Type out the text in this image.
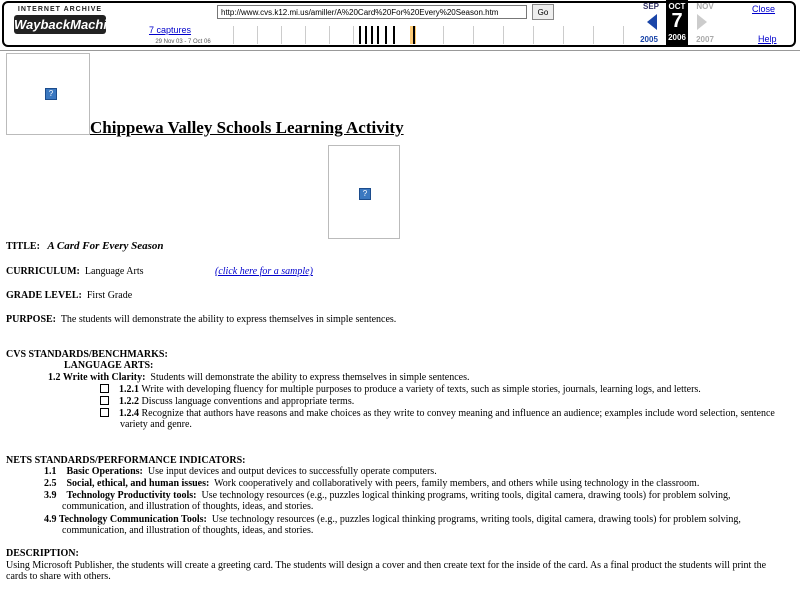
INTERNET ARCHIVE
WaybackMachine	7 captures
29 Nov 03 - 7 Oct 06
http://www.cvs.k12.mi.us/amiller/A%20Card%20For%20Every%20Season.htm
Go
SEP	OCT
7
2006
NOV
2005	2007
Close
Help
?
?
Chippewa Valley Schools Learning Activity
TITLE: A Card For Every Season
CURRICULUM: Language Arts	(click here for a sample)
GRADE LEVEL: First Grade
PURPOSE: The students will demonstrate the ability to express themselves in simple sentences.
CVS STANDARDS/BENCHMARKS:
LANGUAGE ARTS:
1.2 Write with Clarity: Students will demonstrate the ability to express themselves in simple sentences.
1.2.1 Write with developing fluency for multiple purposes to produce a variety of texts, such as simple stories, journals, learning logs, and letters.
1.2.2 Discuss language conventions and appropriate terms.
1.2.4 Recognize that authors have reasons and make choices as they write to convey meaning and influence an audience; examples include word selection, sentence
variety and genre.
NETS STANDARDS/PERFORMANCE INDICATORS:
1.1 Basic Operations: Use input devices and output devices to successfully operate computers.
2.5 Social, ethical, and human issues: Work cooperatively and collaboratively with peers, family members, and others while using technology in the classroom.
3.9 Technology Productivity tools: Use technology resources (e.g., puzzles logical thinking programs, writing tools, digital camera, drawing tools) for problem solving,
communication, and illustration of thoughts, ideas, and stories.
4.9 Technology Communication Tools: Use technology resources (e.g., puzzles logical thinking programs, writing tools, digital camera, drawing tools) for problem solving,
communication, and illustration of thoughts, ideas, and stories.
DESCRIPTION:
Using Microsoft Publisher, the students will create a greeting card. The students will design a cover and then create text for the inside of the card. As a final product the students will print the
cards to share with others.
